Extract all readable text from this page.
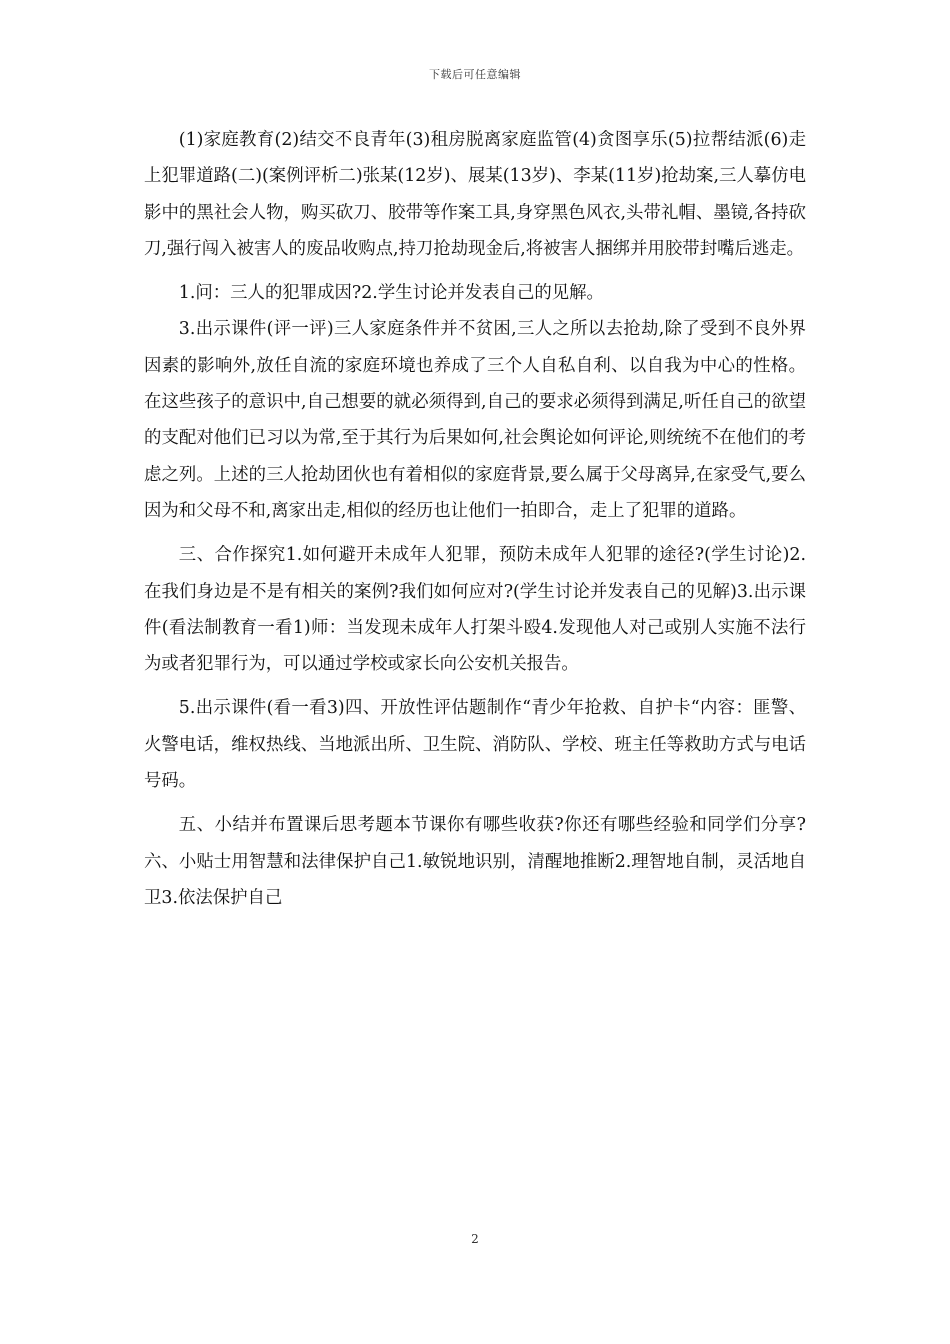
下载后可任意编辑

(1)家庭教育(2)结交不良青年(3)租房脱离家庭监管(4)贪图享乐(5)拉帮结派(6)走上犯罪道路(二)(案例评析二)张某(12岁)、展某(13岁)、李某(11岁)抢劫案,三人摹仿电影中的黑社会人物，购买砍刀、胶带等作案工具,身穿黑色风衣,头带礼帽、墨镜,各持砍刀,强行闯入被害人的废品收购点,持刀抢劫现金后,将被害人捆绑并用胶带封嘴后逃走。

1.问：三人的犯罪成因?2.学生讨论并发表自己的见解。

3.出示课件(评一评)三人家庭条件并不贫困,三人之所以去抢劫,除了受到不良外界因素的影响外,放任自流的家庭环境也养成了三个人自私自利、以自我为中心的性格。在这些孩子的意识中,自己想要的就必须得到,自己的要求必须得到满足,听任自己的欲望的支配对他们已习以为常,至于其行为后果如何,社会舆论如何评论,则统统不在他们的考虑之列。上述的三人抢劫团伙也有着相似的家庭背景,要么属于父母离异,在家受气,要么因为和父母不和,离家出走,相似的经历也让他们一拍即合，走上了犯罪的道路。

三、合作探究1.如何避开未成年人犯罪，预防未成年人犯罪的途径?(学生讨论)2.在我们身边是不是有相关的案例?我们如何应对?(学生讨论并发表自己的见解)3.出示课件(看法制教育一看1)师：当发现未成年人打架斗殴4.发现他人对己或别人实施不法行为或者犯罪行为，可以通过学校或家长向公安机关报告。

5.出示课件(看一看3)四、开放性评估题制作“青少年抢救、自护卡“内容：匪警、火警电话，维权热线、当地派出所、卫生院、消防队、学校、班主任等救助方式与电话号码。

五、小结并布置课后思考题本节课你有哪些收获?你还有哪些经验和同学们分享?六、小贴士用智慧和法律保护自己1.敏锐地识别，清醒地推断2.理智地自制，灵活地自卫3.依法保护自己

2
